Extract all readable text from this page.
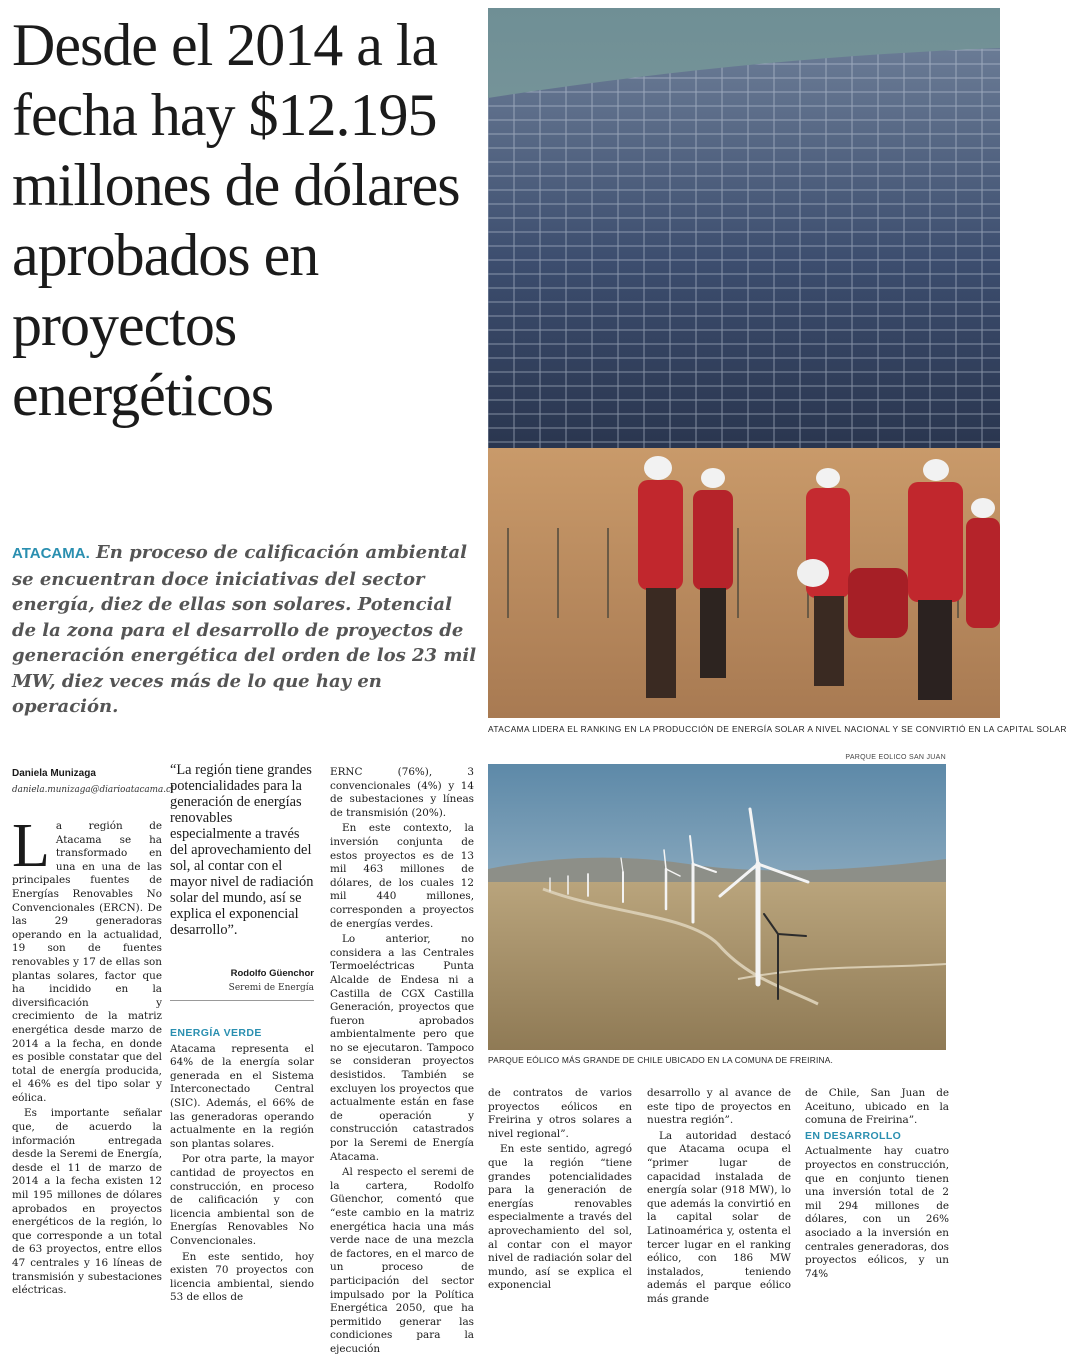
Desde el 2014 a la fecha hay $12.195 millones de dólares aprobados en proyectos energéticos
ATACAMA. En proceso de calificación ambiental se encuentran doce iniciativas del sector energía, diez de ellas son solares. Potencial de la zona para el desarrollo de proyectos de generación energética del orden de los 23 mil MW, diez veces más de lo que hay en operación.
ATACAMA LIDERA EL RANKING EN LA PRODUCCIÓN DE ENERGÍA SOLAR A NIVEL NACIONAL Y SE CONVIRTIÓ EN LA CAPITAL SOLAR
PARQUE EOLICO SAN JUAN
PARQUE EÓLICO MÁS GRANDE DE CHILE UBICADO EN LA COMUNA DE FREIRINA.
Daniela Munizaga
daniela.munizaga@diarioatacama.cl
L a región de Atacama se ha transformado en una en una de las principales fuentes de Energías Renovables No Convencionales (ERCN). De las 29 generadoras operando en la actualidad, 19 son de fuentes renovables y 17 de ellas son plantas solares, factor que ha incidido en la diversificación y crecimiento de la matriz energética desde marzo de 2014 a la fecha, en donde es posible constatar que del total de energía producida, el 46% es del tipo solar y eólica.

Es importante señalar que, de acuerdo la información entregada desde la Seremi de Energía, desde el 11 de marzo de 2014 a la fecha existen 12 mil 195 millones de dólares aprobados en proyectos energéticos de la región, lo que corresponde a un total de 63 proyectos, entre ellos 47 centrales y 16 líneas de transmisión y subestaciones eléctricas.

“La región tiene grandes potencialidades para la generación de energías renovables especialmente a través del aprovechamiento del sol, al contar con el mayor nivel de radiación solar del mundo, así se explica el exponencial desarrollo”.
Rodolfo Güenchor
Seremi de Energía
ENERGÍA VERDE

Atacama representa el 64% de la energía solar generada en el Sistema Interconectado Central (SIC). Además, el 66% de las generadoras operando actualmente en la región son plantas solares.

Por otra parte, la mayor cantidad de proyectos en construcción, en proceso de calificación y con licencia ambiental son de Energías Renovables No Convencionales.

En este sentido, hoy existen 70 proyectos con licencia ambiental, siendo 53 de ellos de

ERNC (76%), 3 convencionales (4%) y 14 de subestaciones y líneas de transmisión (20%).

En este contexto, la inversión conjunta de estos proyectos es de 13 mil 463 millones de dólares, de los cuales 12 mil 440 millones, corresponden a proyectos de energías verdes.

Lo anterior, no considera a las Centrales Termoeléctricas Punta Alcalde de Endesa ni a Castilla de CGX Castilla Generación, proyectos que fueron aprobados ambientalmente pero que no se ejecutaron. Tampoco se consideran proyectos desistidos. También se excluyen los proyectos que actualmente están en fase de operación y construcción catastrados por la Seremi de Energía Atacama.

Al respecto el seremi de la cartera, Rodolfo Güenchor, comentó que “este cambio en la matriz energética hacia una más verde nace de una mezcla de factores, en el marco de un proceso de participación del sector impulsado por la Política Energética 2050, que ha permitido generar las condiciones para la ejecución

de contratos de varios proyectos eólicos en Freirina y otros solares a nivel regional”.

En este sentido, agregó que la región “tiene grandes potencialidades para la generación de energías renovables especialmente a través del aprovechamiento del sol, al contar con el mayor nivel de radiación solar del mundo, así se explica el exponencial

desarrollo y al avance de este tipo de proyectos en nuestra región”.

La autoridad destacó que Atacama ocupa el “primer lugar de capacidad instalada de energía solar (918 MW), lo que además la convirtió en la capital solar de Latinoamérica y, ostenta el tercer lugar en el ranking eólico, con 186 MW instalados, teniendo además el parque eólico más grande

de Chile, San Juan de Aceituno, ubicado en la comuna de Freirina”.

EN DESARROLLO

Actualmente hay cuatro proyectos en construcción, que en conjunto tienen una inversión total de 2 mil 294 millones de dólares, con un 26% asociado a la inversión en centrales generadoras, dos proyectos eólicos, y un 74%
